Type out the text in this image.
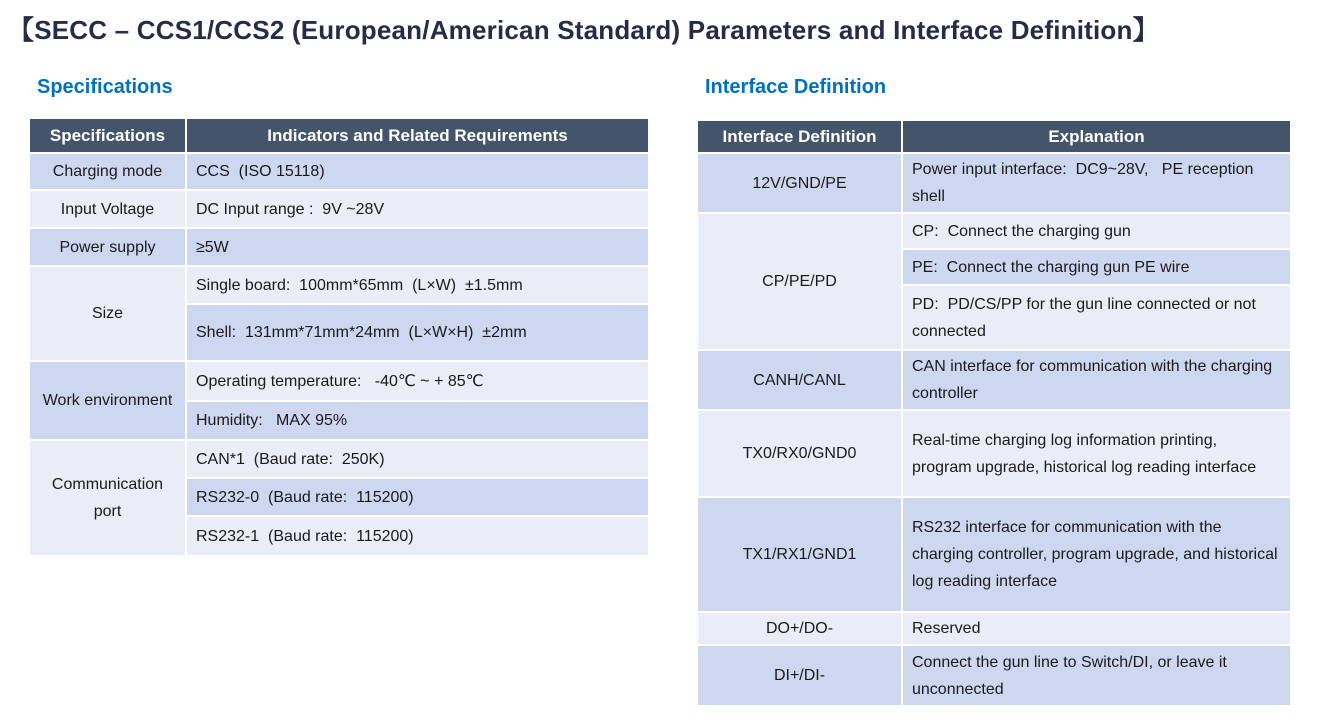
【SECC – CCS1/CCS2 (European/American Standard) Parameters and Interface Definition】
Specifications
Specifications	Indicators and Related Requirements
Charging mode	CCS  (ISO 15118)
Input Voltage	DC Input range :  9V ~28V
Power supply	≥5W
Size	Single board:  100mm*65mm  (L×W)  ±1.5mm
	Shell:  131mm*71mm*24mm  (L×W×H)  ±2mm
Work environment	Operating temperature:   -40℃ ~ + 85℃
	Humidity:   MAX 95%
Communication port	CAN*1  (Baud rate:  250K)
	RS232-0  (Baud rate:  115200)
	RS232-1  (Baud rate:  115200)
Interface Definition
Interface Definition	Explanation
12V/GND/PE	Power input interface:  DC9~28V,   PE reception shell
CP/PE/PD	CP:  Connect the charging gun
	PE:  Connect the charging gun PE wire
	PD:  PD/CS/PP for the gun line connected or not connected
CANH/CANL	CAN interface for communication with the charging controller
TX0/RX0/GND0	Real-time charging log information printing, program upgrade, historical log reading interface
TX1/RX1/GND1	RS232 interface for communication with the charging controller, program upgrade, and historical log reading interface
DO+/DO-	Reserved
DI+/DI-	Connect the gun line to Switch/DI, or leave it unconnected
